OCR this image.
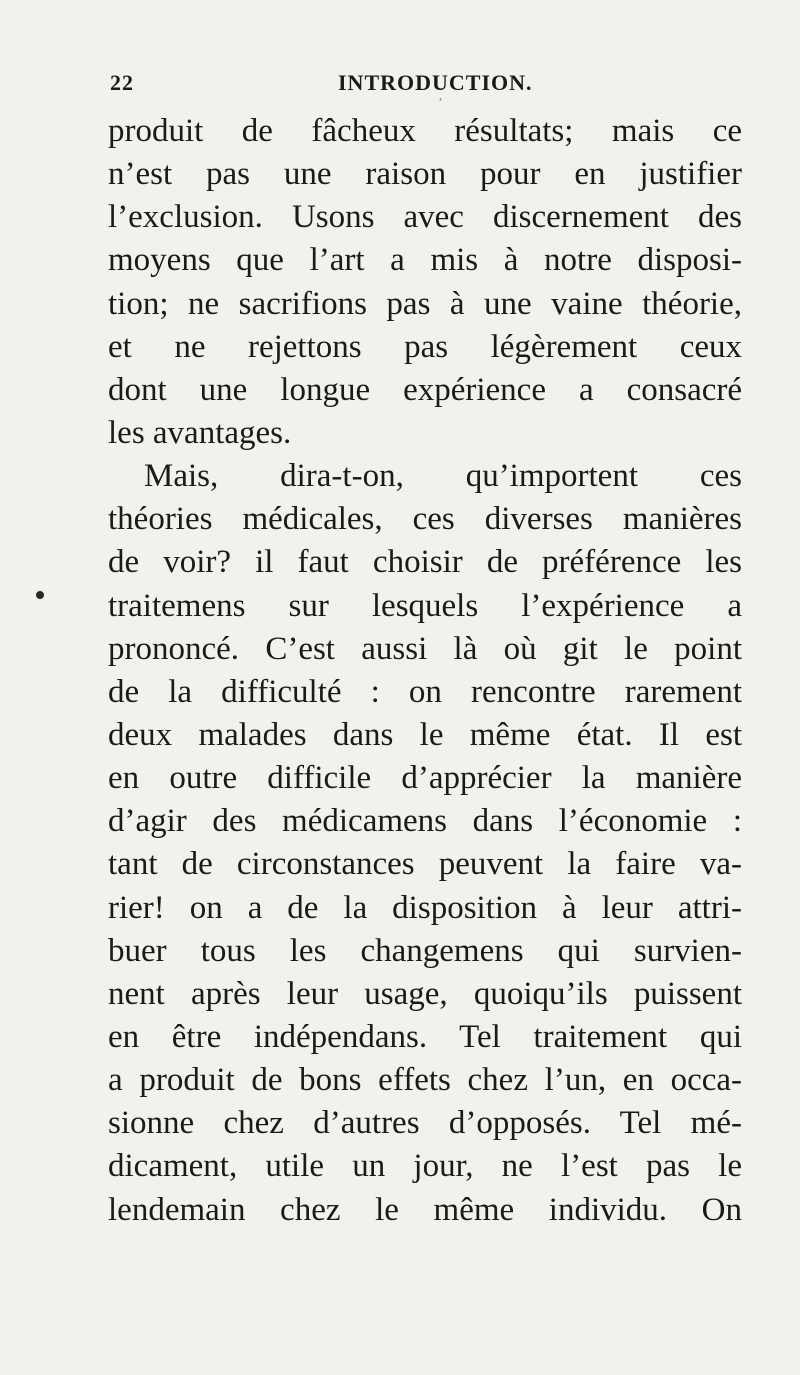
22	INTRODUCTION.
’
produit de fâcheux résultats; mais ce
n’est pas une raison pour en justifier
l’exclusion. Usons avec discernement des
moyens que l’art a mis à notre disposi-
tion; ne sacrifions pas à une vaine théorie,
et ne rejettons pas légèrement ceux
dont une longue expérience a consacré
les avantages.
Mais, dira-t-on, qu’importent ces
théories médicales, ces diverses manières
de voir? il faut choisir de préférence les
traitemens sur lesquels l’expérience a
prononcé. C’est aussi là où git le point
de la difficulté : on rencontre rarement
deux malades dans le même état. Il est
en outre difficile d’apprécier la manière
d’agir des médicamens dans l’économie :
tant de circonstances peuvent la faire va-
rier! on a de la disposition à leur attri-
buer tous les changemens qui survien-
nent après leur usage, quoiqu’ils puissent
en être indépendans. Tel traitement qui
a produit de bons effets chez l’un, en occa-
sionne chez d’autres d’opposés. Tel mé-
dicament, utile un jour, ne l’est pas le
lendemain chez le même individu. On
